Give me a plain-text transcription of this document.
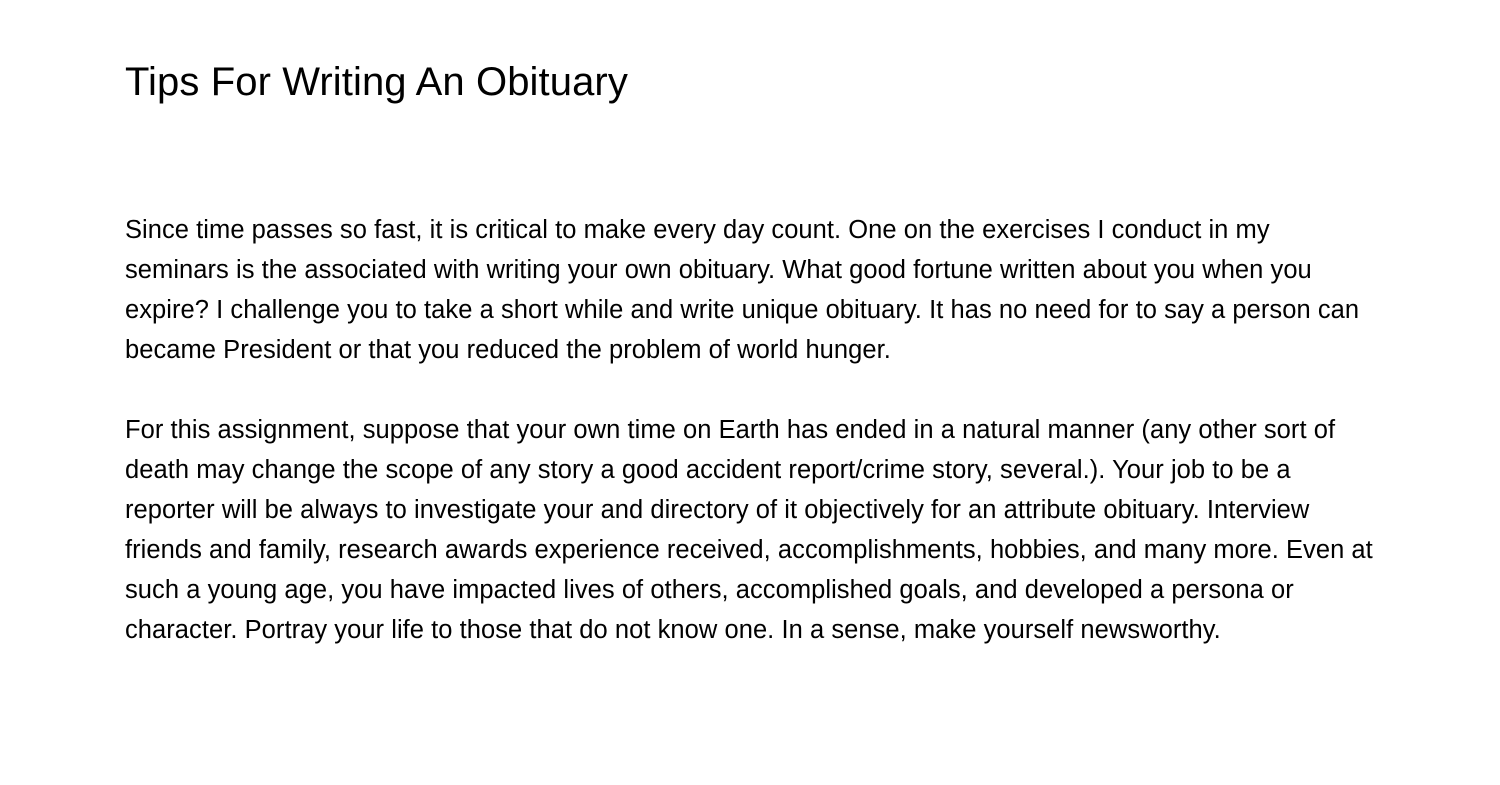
Tips For Writing An Obituary

Since time passes so fast, it is critical to make every day count. One on the exercises I conduct in my seminars is the associated with writing your own obituary. What good fortune written about you when you expire? I challenge you to take a short while and write unique obituary. It has no need for to say a person can became President or that you reduced the problem of world hunger.

For this assignment, suppose that your own time on Earth has ended in a natural manner (any other sort of death may change the scope of any story a good accident report/crime story, several.). Your job to be a reporter will be always to investigate your and directory of it objectively for an attribute obituary. Interview friends and family, research awards experience received, accomplishments, hobbies, and many more. Even at such a young age, you have impacted lives of others, accomplished goals, and developed a persona or character. Portray your life to those that do not know one. In a sense, make yourself newsworthy.
